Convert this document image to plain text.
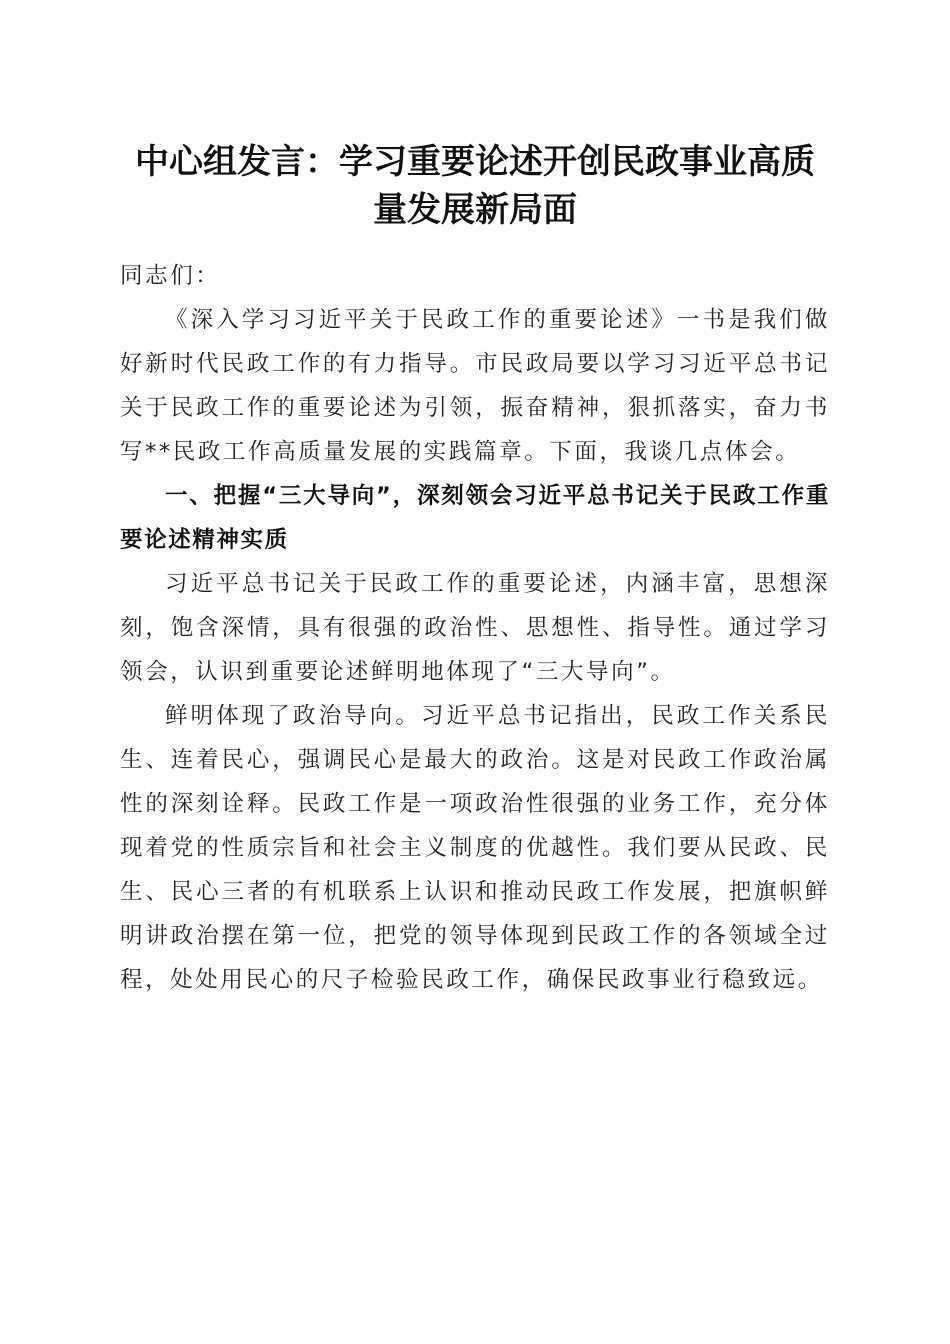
中心组发言：学习重要论述开创民政事业高质
量发展新局面

同志们：

《深入学习习近平关于民政工作的重要论述》一书是我们做好新时代民政工作的有力指导。市民政局要以学习习近平总书记关于民政工作的重要论述为引领，振奋精神，狠抓落实，奋力书写**民政工作高质量发展的实践篇章。下面，我谈几点体会。

一、把握“三大导向”，深刻领会习近平总书记关于民政工作重要论述精神实质

习近平总书记关于民政工作的重要论述，内涵丰富，思想深刻，饱含深情，具有很强的政治性、思想性、指导性。通过学习领会，认识到重要论述鲜明地体现了“三大导向”。

鲜明体现了政治导向。习近平总书记指出，民政工作关系民生、连着民心，强调民心是最大的政治。这是对民政工作政治属性的深刻诠释。民政工作是一项政治性很强的业务工作，充分体现着党的性质宗旨和社会主义制度的优越性。我们要从民政、民生、民心三者的有机联系上认识和推动民政工作发展，把旗帜鲜明讲政治摆在第一位，把党的领导体现到民政工作的各领域全过程，处处用民心的尺子检验民政工作，确保民政事业行稳致远。
